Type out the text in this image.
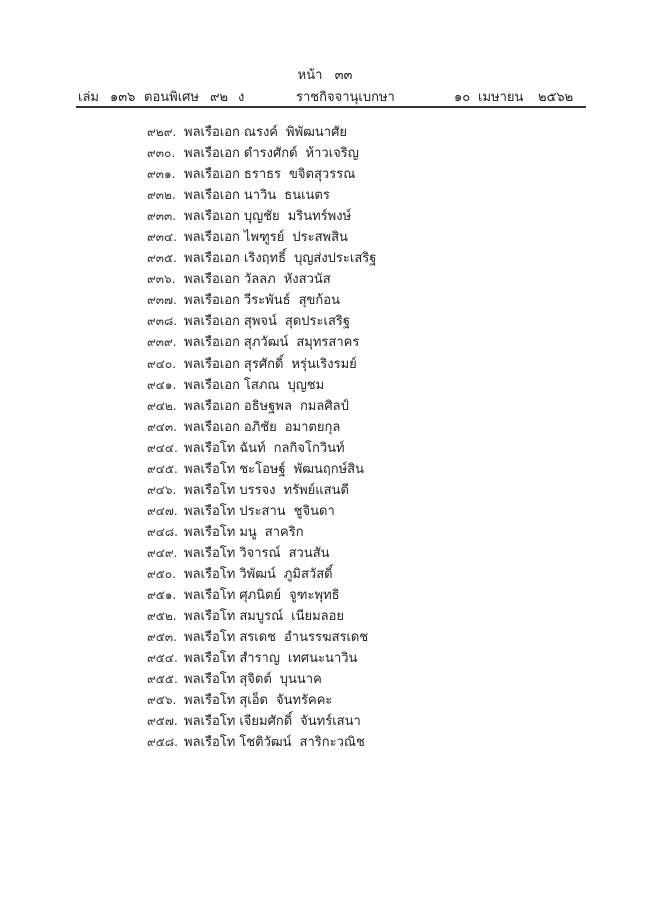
หน้า ๓๓
เล่ม ๑๓๖ ตอนพิเศษ ๙๒ ง	ราชกิจจานุเบกษา	๑๐ เมษายน ๒๕๖๒
๙๒๙. พลเรือเอก ณรงค์ พิพัฒนาศัย
๙๓๐. พลเรือเอก ดำรงศักด์ ห้าวเจริญ
๙๓๑. พลเรือเอก ธราธร ขจิตสุวรรณ
๙๓๒. พลเรือเอก นาวิน ธนเนตร
๙๓๓. พลเรือเอก บุญชัย มรินทร์พงษ์
๙๓๔. พลเรือเอก ไพฑูรย์ ประสพสิน
๙๓๕. พลเรือเอก เริงฤทธิ์ บุญส่งประเสริฐ
๙๓๖. พลเรือเอก วัลลภ หังสวนัส
๙๓๗. พลเรือเอก วีระพันธ์ สุขก้อน
๙๓๘. พลเรือเอก สุพจน์ สุดประเสริฐ
๙๓๙. พลเรือเอก สุภวัฒน์ สมุทรสาคร
๙๔๐. พลเรือเอก สุรศักดิ์ หรุ่นเริงรมย์
๙๔๑. พลเรือเอก โสภณ บุญชม
๙๔๒. พลเรือเอก อธิษฐพล กมลศิลป์
๙๔๓. พลเรือเอก อภิชัย อมาตยกุล
๙๔๔. พลเรือโท ฉันท์ กลกิจโกวินท์
๙๔๕. พลเรือโท ชะโอษฐ์ พัฒนฤกษ์สิน
๙๔๖. พลเรือโท บรรจง ทรัพย์แสนดี
๙๔๗. พลเรือโท ประสาน ชูจินดา
๙๔๘. พลเรือโท มนู สาคริก
๙๔๙. พลเรือโท วิจารณ์ สวนสัน
๙๕๐. พลเรือโท วิพัฒน์ ภูมิสวัสดิ์
๙๕๑. พลเรือโท ศุภนิตย์ จูฑะพุทธิ
๙๕๒. พลเรือโท สมบูรณ์ เนียมลอย
๙๕๓. พลเรือโท สรเดช อำนรรฆสรเดช
๙๕๔. พลเรือโท สำราญ เทศนะนาวิน
๙๕๕. พลเรือโท สุจิตต์ บุนนาค
๙๕๖. พลเรือโท สุเอ็ด จันทรัคคะ
๙๕๗. พลเรือโท เจียมศักดิ์ จันทร์เสนา
๙๕๘. พลเรือโท โชติวัฒน์ สาริกะวณิช
